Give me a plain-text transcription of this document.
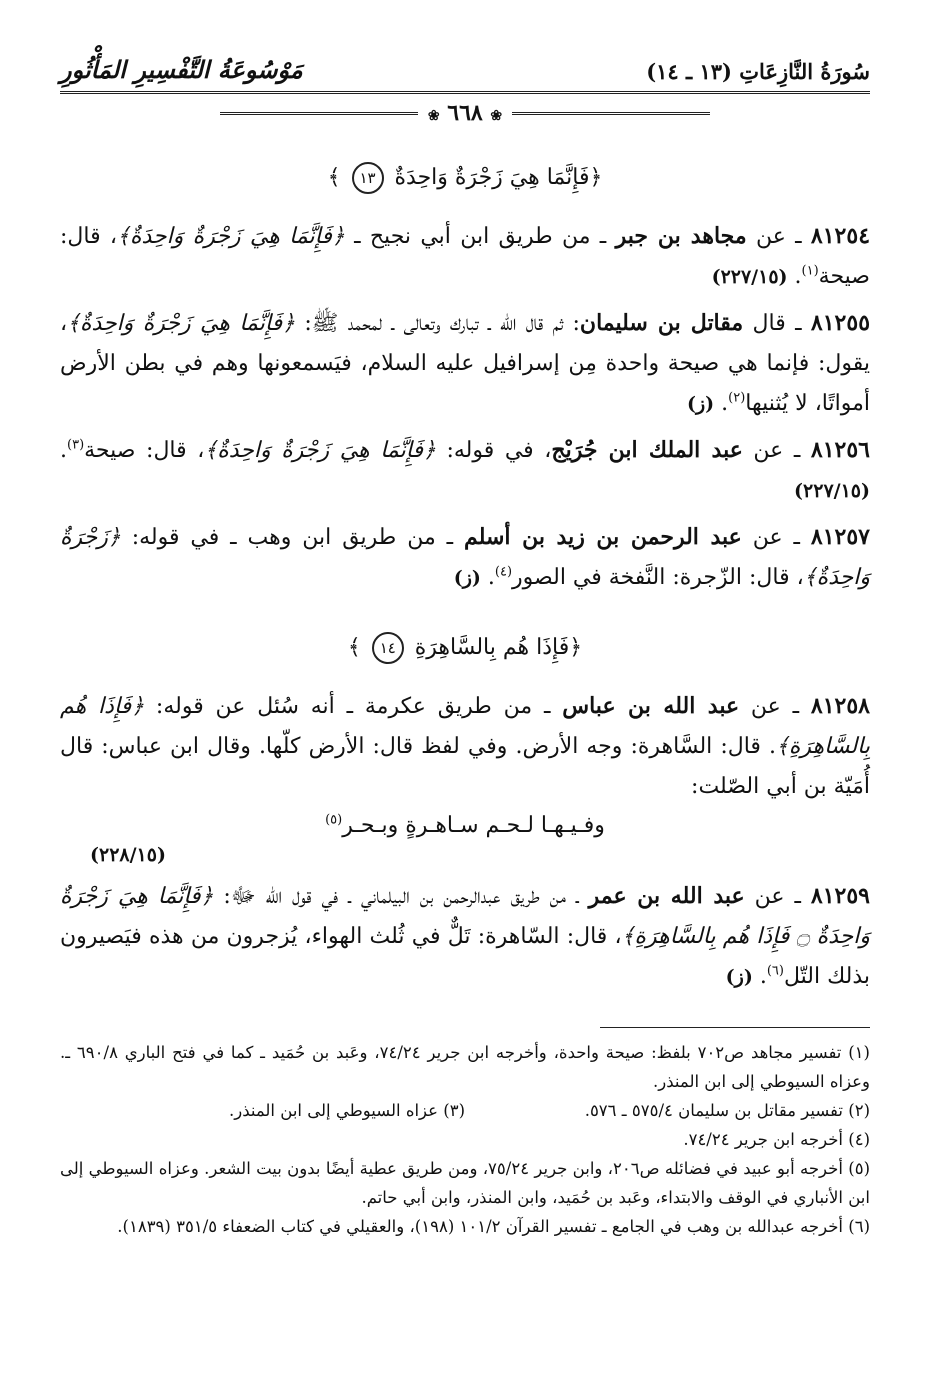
سُورَةُ النَّازِعَاتِ (١٣ ـ ١٤)
مَوْسُوعَةُ التَّفْسِيرِ المَأْثُورِ
❀ ٦٦٨ ❀
﴿فَإِنَّمَا هِيَ زَجْرَةٌ وَاحِدَةٌ ١٣ ﴾

٨١٢٥٤ ـ عن مجاهد بن جبر ـ من طريق ابن أبي نجيح ـ ﴿فَإِنَّمَا هِيَ زَجْرَةٌ وَاحِدَةٌ﴾، قال: صيحة$^{(١)}$. (٢٢٧/١٥)

٨١٢٥٥ ـ قال مقاتل بن سليمان: ثم قال الله ـ تبارك وتعالى ـ لمحمد ﷺ: ﴿فَإِنَّمَا هِيَ زَجْرَةٌ وَاحِدَةٌ﴾، يقول: فإنما هي صيحة واحدة مِن إسرافيل عليه السلام، فيَسمعونها وهم في بطن الأرض أمواتًا، لا يُثنيها$^{(٢)}$. (ز)

٨١٢٥٦ ـ عن عبد الملك ابن جُرَيْج، في قوله: ﴿فَإِنَّمَا هِيَ زَجْرَةٌ وَاحِدَةٌ﴾، قال: صيحة$^{(٣)}$. (٢٢٧/١٥)

٨١٢٥٧ ـ عن عبد الرحمن بن زيد بن أسلم ـ من طريق ابن وهب ـ في قوله: ﴿زَجْرَةٌ وَاحِدَةٌ﴾، قال: الزّجرة: النَّفخة في الصور$^{(٤)}$. (ز)

﴿فَإِذَا هُم بِالسَّاهِرَةِ ١٤ ﴾

٨١٢٥٨ ـ عن عبد الله بن عباس ـ من طريق عكرمة ـ أنه سُئل عن قوله: ﴿فَإِذَا هُم بِالسَّاهِرَةِ﴾. قال: السَّاهرة: وجه الأرض. وفي لفظ قال: الأرض كلّها. وقال ابن عباس: قال أُمَيّة بن أبي الصّلت:

وفـيـهـا لـحـم سـاهـرةٍ وبـحـر$^{(٥)}$
(٢٢٨/١٥)

٨١٢٥٩ ـ عن عبد الله بن عمر ـ من طريق عبدالرحمن بن البيلماني ـ في قول الله ﷻ: ﴿فَإِنَّمَا هِيَ زَجْرَةٌ وَاحِدَةٌ ۝ فَإِذَا هُم بِالسَّاهِرَةِ﴾، قال: السّاهرة: تَلٌّ في ثُلث الهواء، يُزجرون من هذه فيَصيرون بذلك التّل$^{(٦)}$. (ز)

(١) تفسير مجاهد ص٧٠٢ بلفظ: صيحة واحدة، وأخرجه ابن جرير ٧٤/٢٤، وعَبد بن حُمَيد ـ كما في فتح الباري ٦٩٠/٨ ـ. وعزاه السيوطي إلى ابن المنذر.
(٢) تفسير مقاتل بن سليمان ٥٧٥/٤ ـ ٥٧٦.
(٣) عزاه السيوطي إلى ابن المنذر.
(٤) أخرجه ابن جرير ٧٤/٢٤.
(٥) أخرجه أبو عبيد في فضائله ص٢٠٦، وابن جرير ٧٥/٢٤، ومن طريق عطية أيضًا بدون بيت الشعر. وعزاه السيوطي إلى ابن الأنباري في الوقف والابتداء، وعَبد بن حُمَيد، وابن المنذر، وابن أبي حاتم.
(٦) أخرجه عبدالله بن وهب في الجامع ـ تفسير القرآن ١٠١/٢ (١٩٨)، والعقيلي في كتاب الضعفاء ٣٥١/٥ (١٨٣٩).
